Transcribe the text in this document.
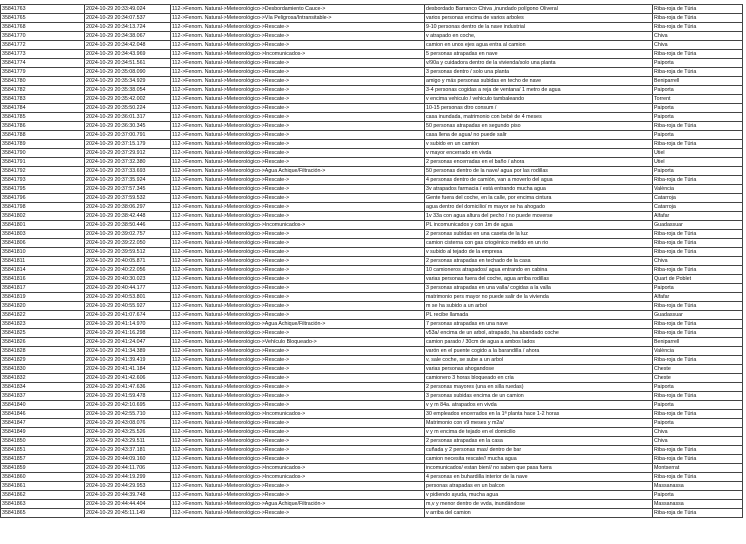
35841763	2024-10-29 20:33:49.024	112->Fenom. Natural->Meteorológico->Desbordamiento Cauce->	desbordado Barranco Chiva ,inundado polígono Oliveral	Riba-roja de Túria
35841765	2024-10-29 20:34:07.537	112->Fenom. Natural->Meteorológico->Vía Peligrosa/Intransitable->	varios personas encima de varios arboles	Riba-roja de Túria
35841768	2024-10-29 20:34:13.724	112->Fenom. Natural->Meteorológico->Rescate->	9-10 personas dentro de la nave industrial	Riba-roja de Túria
35841770	2024-10-29 20:34:38.067	112->Fenom. Natural->Meteorológico->Rescate->	v atrapado en coche,	Chiva
35841772	2024-10-29 20:34:42.048	112->Fenom. Natural->Meteorológico->Rescate->	camion en unos ejes agua entra al camion	Chiva
35841773	2024-10-29 20:34:43.969	112->Fenom. Natural->Meteorológico->Incomunicados->	5 personas atrapadas en nave	Riba-roja de Túria
35841774	2024-10-29 20:34:51.561	112->Fenom. Natural->Meteorológico->Rescate->	v/90a y cuidadora dentro de la vivienda/solo una planta	Paiporta
35841779	2024-10-29 20:35:08.090	112->Fenom. Natural->Meteorológico->Rescate->	3 personas dentro / solo una planta	Riba-roja de Túria
35841780	2024-10-29 20:35:34.929	112->Fenom. Natural->Meteorológico->Rescate->	amigo y más personas subidas en techo de nave	Beniparrell
35841782	2024-10-29 20:35:38.054	112->Fenom. Natural->Meteorológico->Rescate->	3-4 personas cogidas a reja de ventana/ 1 metro de agua	Paiporta
35841783	2024-10-29 20:35:42.002	112->Fenom. Natural->Meteorológico->Rescate->	v encima vehiculo / vehiculo tambaleando	Torrent
35841784	2024-10-29 20:35:50.224	112->Fenom. Natural->Meteorológico->Rescate->	10-15 personas dtro consum /	Paiporta
35841785	2024-10-29 20:36:01.317	112->Fenom. Natural->Meteorológico->Rescate->	casa inundada, matrimonio con bebé de 4 meses	Paiporta
35841786	2024-10-29 20:36:30.345	112->Fenom. Natural->Meteorológico->Rescate->	50 personas atrapadas en segundo piso	Riba-roja de Túria
35841788	2024-10-29 20:37:00.791	112->Fenom. Natural->Meteorológico->Rescate->	casa llena de agua/ no puede salir	Paiporta
35841789	2024-10-29 20:37:15.179	112->Fenom. Natural->Meteorológico->Rescate->	v subido en un camion	Riba-roja de Túria
35841790	2024-10-29 20:37:29.912	112->Fenom. Natural->Meteorológico->Rescate->	v mayor encerrado en vivda	Utiel
35841791	2024-10-29 20:37:32.380	112->Fenom. Natural->Meteorológico->Rescate->	2 personas encerradas en el baño / ahora	Utiel
35841792	2024-10-29 20:37:33.693	112->Fenom. Natural->Meteorológico->Agua Achique/Filtración->	50 personas dentro de la nave/ agua por las rodillas	Paiporta
35841793	2024-10-29 20:37:35.924	112->Fenom. Natural->Meteorológico->Rescate->	4 personas dentro de camión, van a moverlo del agua	Riba-roja de Túria
35841795	2024-10-29 20:37:57.345	112->Fenom. Natural->Meteorológico->Rescate->	3v atrapados farmacia / está entrando mucha agua	València
35841796	2024-10-29 20:37:59.532	112->Fenom. Natural->Meteorológico->Rescate->	Gente fuera del coche, en la calle, por encima cintura	Catarroja
35841798	2024-10-29 20:38:06.297	112->Fenom. Natural->Meteorológico->Rescate->	agua dentro del domicilio/ m mayor se ha ahogado	Catarroja
35841802	2024-10-29 20:38:42.448	112->Fenom. Natural->Meteorológico->Rescate->	1v 33a con agua altura del pecho / no puede moverse	Alfafar
35841801	2024-10-29 20:38:50.446	112->Fenom. Natural->Meteorológico->Incomunicados->	PL incomunicados y con 1m de agua	Guadassuar
35841803	2024-10-29 20:39:02.757	112->Fenom. Natural->Meteorológico->Rescate->	2 personas subidas en una caseta de la luz	Riba-roja de Túria
35841806	2024-10-29 20:39:22.050	112->Fenom. Natural->Meteorológico->Rescate->	camion cisterna con gas criogénico metido en un rio	Riba-roja de Túria
35841810	2024-10-29 20:39:59.512	112->Fenom. Natural->Meteorológico->Rescate->	v subido al tejado de la empresa	Riba-roja de Túria
35841811	2024-10-29 20:40:05.871	112->Fenom. Natural->Meteorológico->Rescate->	2 personas atrapadas en techado de la casa	Chiva
35841814	2024-10-29 20:40:22.056	112->Fenom. Natural->Meteorológico->Rescate->	10 camioneros atrapados/ agua entrando en cabina	Riba-roja de Túria
35841816	2024-10-29 20:40:30.023	112->Fenom. Natural->Meteorológico->Rescate->	varias personas fuera del coche, agua arriba rodillas	Quart de Poblet
35841817	2024-10-29 20:40:44.177	112->Fenom. Natural->Meteorológico->Rescate->	3 personas atrapadas en una valla/ cogidas a la valla	Paiporta
35841819	2024-10-29 20:40:53.801	112->Fenom. Natural->Meteorológico->Rescate->	matrimonio pers mayor no puede salir de la vivienda	Alfafar
35841820	2024-10-29 20:40:55.927	112->Fenom. Natural->Meteorológico->Rescate->	m se ha subido a un arbol	Riba-roja de Túria
35841822	2024-10-29 20:41:07.674	112->Fenom. Natural->Meteorológico->Rescate->	PL recibe llamada	Guadassuar
35841823	2024-10-29 20:41:14.970	112->Fenom. Natural->Meteorológico->Agua Achique/Filtración->	7 personas atrapadas en una nave	Riba-roja de Túria
35841825	2024-10-29 20:41:16.298	112->Fenom. Natural->Meteorológico->Rescate->	v53a/ encima de un arbol, atrapado, ha abandado coche	Riba-roja de Túria
35841826	2024-10-29 20:41:24.047	112->Fenom. Natural->Meteorológico->Vehículo Bloqueado->	camion parado / 30cm de agua a ambos lados	Beniparrell
35841828	2024-10-29 20:41:34.389	112->Fenom. Natural->Meteorológico->Rescate->	varón en el puente cogido a la barandilla / ahora	València
35841829	2024-10-29 20:41:39.419	112->Fenom. Natural->Meteorológico->Rescate->	v, sale coche, se sube a un arbol	Riba-roja de Túria
35841830	2024-10-29 20:41:41.184	112->Fenom. Natural->Meteorológico->Rescate->	varias personas ahogandose	Cheste
35841832	2024-10-29 20:41:42.606	112->Fenom. Natural->Meteorológico->Rescate->	camionero 3 horas bloqueado en cría	Cheste
35841834	2024-10-29 20:41:47.636	112->Fenom. Natural->Meteorológico->Rescate->	2 personas mayores (una en silla ruedas)	Paiporta
35841837	2024-10-29 20:41:59.478	112->Fenom. Natural->Meteorológico->Rescate->	3 personas subidas encima de un camion	Riba-roja de Túria
35841840	2024-10-29 20:42:10.695	112->Fenom. Natural->Meteorológico->Rescate->	v y m 84a. atrapados en vivda	Paiporta
35841846	2024-10-29 20:42:55.710	112->Fenom. Natural->Meteorológico->Incomunicados->	30 empleados encerrados en la 1ª planta hace 1-2 horas	Riba-roja de Túria
35841847	2024-10-29 20:43:08.076	112->Fenom. Natural->Meteorológico->Rescate->	Matrimonio con v9 meses y m2a/	Paiporta
35841849	2024-10-29 20:43:25.526	112->Fenom. Natural->Meteorológico->Rescate->	v y m encima de tejado en el domicilio	Chiva
35841850	2024-10-29 20:43:29.511	112->Fenom. Natural->Meteorológico->Rescate->	2 personas atrapadas en la casa	Chiva
35841851	2024-10-29 20:43:37.181	112->Fenom. Natural->Meteorológico->Rescate->	cuñada y 2 personas mas/ dentro de bar	Riba-roja de Túria
35841857	2024-10-29 20:44:09.160	112->Fenom. Natural->Meteorológico->Rescate->	camion necesita rescate// mucha agua	Riba-roja de Túria
35841859	2024-10-29 20:44:11.706	112->Fenom. Natural->Meteorológico->Incomunicados->	incomunicados/ estan bien// no saben que pasa fuera	Montserrat
35841860	2024-10-29 20:44:19.299	112->Fenom. Natural->Meteorológico->Incomunicados->	4 personas en buhardilla interior de la nave	Riba-roja de Túria
35841861	2024-10-29 20:44:29.953	112->Fenom. Natural->Meteorológico->Rescate->	personas atrapadas en un balcon	Massanassa
35841862	2024-10-29 20:44:39.748	112->Fenom. Natural->Meteorológico->Rescate->	v pidiendo ayuda, mucha agua	Paiporta
35841863	2024-10-29 20:44:44.404	112->Fenom. Natural->Meteorológico->Agua Achique/Filtración->	m,v y menor dentro de vvda, inundándose	Massanassa
35841865	2024-10-29 20:45:11.149	112->Fenom. Natural->Meteorológico->Rescate->	v arriba del camion	Riba-roja de Túria
